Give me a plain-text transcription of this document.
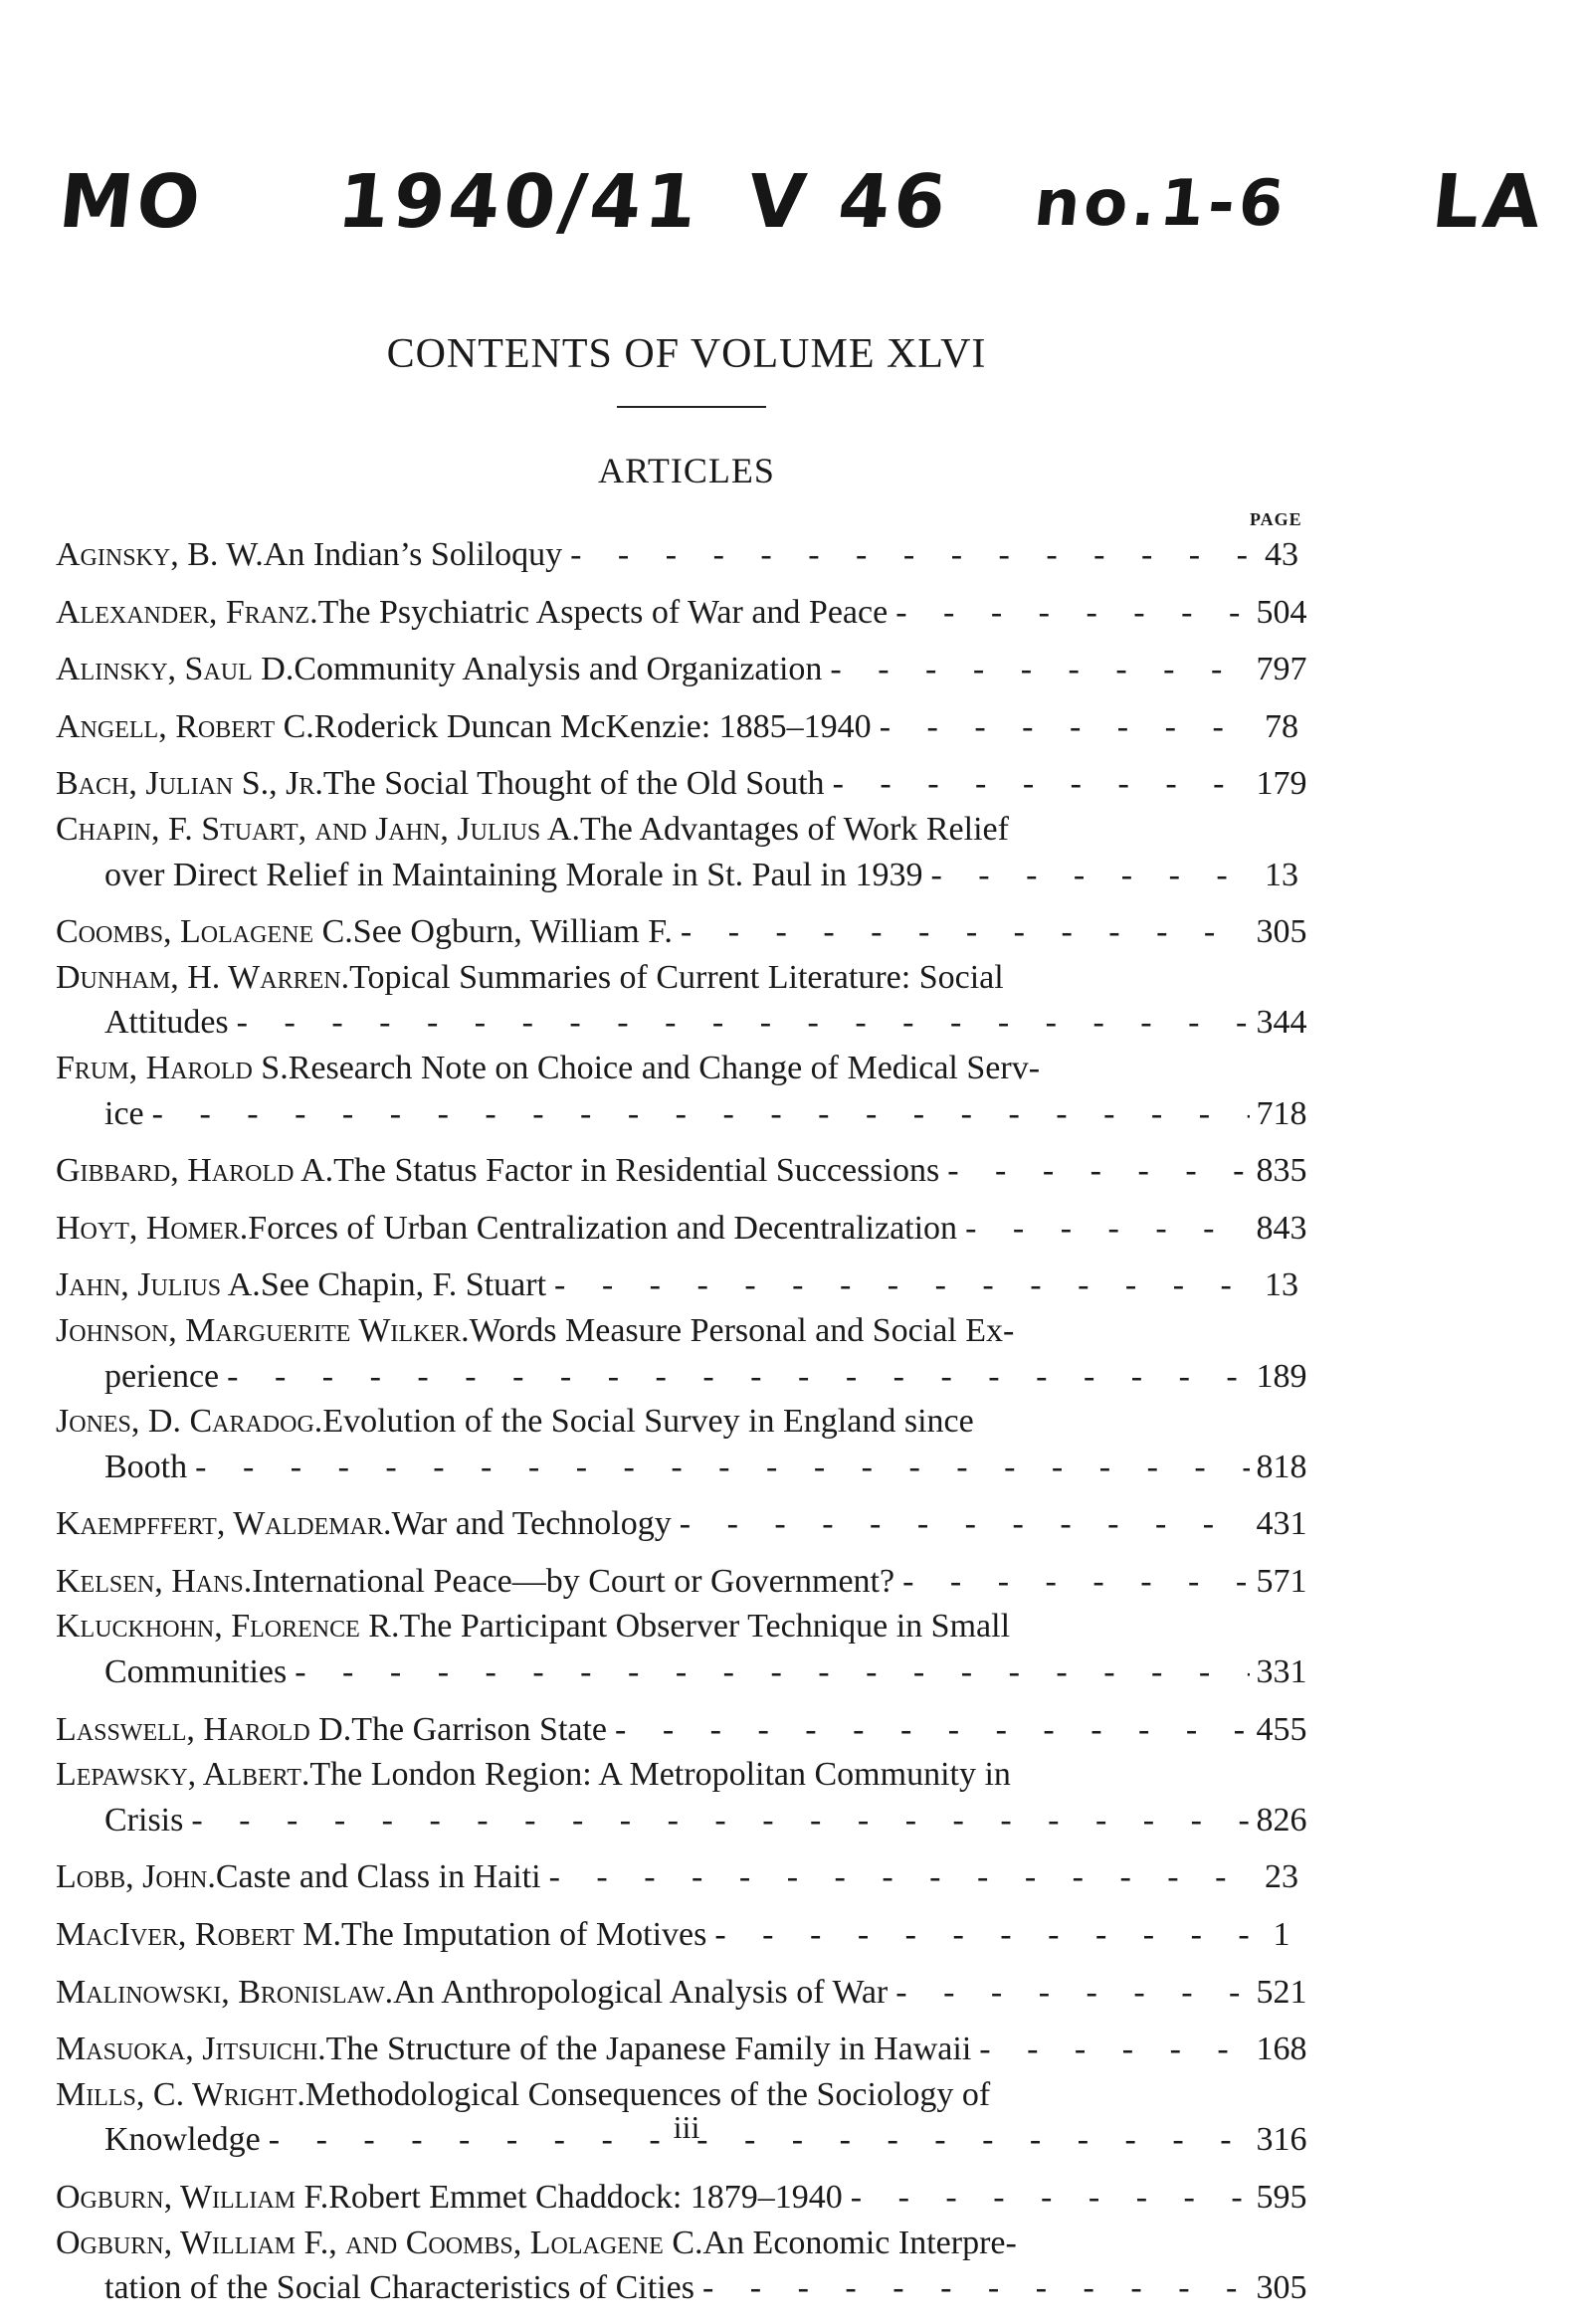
MO 1940/41 V 46 no.1-6 LA
CONTENTS OF VOLUME XLVI
ARTICLES
PAGE
Aginsky, B. W. An Indian’s Soliloquy - - -	43
Alexander, Franz. The Psychiatric Aspects of War and Peace - - -	504
Alinsky, Saul D. Community Analysis and Organization - - -	797
Angell, Robert C. Roderick Duncan McKenzie: 1885–1940 - - -	78
Bach, Julian S., Jr. The Social Thought of the Old South - - -	179
Chapin, F. Stuart, and Jahn, Julius A. The Advantages of Work Relief
over Direct Relief in Maintaining Morale in St. Paul in 1939 - - -	13
Coombs, Lolagene C. See Ogburn, William F. - - -	305
Dunham, H. Warren. Topical Summaries of Current Literature: Social
Attitudes - - -	344
Frum, Harold S. Research Note on Choice and Change of Medical Serv-
ice - - -	718
Gibbard, Harold A. The Status Factor in Residential Successions - - -	835
Hoyt, Homer. Forces of Urban Centralization and Decentralization - - -	843
Jahn, Julius A. See Chapin, F. Stuart - - -	13
Johnson, Marguerite Wilker. Words Measure Personal and Social Ex-
perience - - -	189
Jones, D. Caradog. Evolution of the Social Survey in England since
Booth - - -	818
Kaempffert, Waldemar. War and Technology - - -	431
Kelsen, Hans. International Peace—by Court or Government? - - -	571
Kluckhohn, Florence R. The Participant Observer Technique in Small
Communities - - -	331
Lasswell, Harold D. The Garrison State - - -	455
Lepawsky, Albert. The London Region: A Metropolitan Community in
Crisis - - -	826
Lobb, John. Caste and Class in Haiti - - -	23
MacIver, Robert M. The Imputation of Motives - - -	1
Malinowski, Bronislaw. An Anthropological Analysis of War - - -	521
Masuoka, Jitsuichi. The Structure of the Japanese Family in Hawaii - - -	168
Mills, C. Wright. Methodological Consequences of the Sociology of
Knowledge - - -	316
Ogburn, William F. Robert Emmet Chaddock: 1879–1940 - - -	595
Ogburn, William F., and Coombs, Lolagene C. An Economic Interpre-
tation of the Social Characteristics of Cities - - -	305
iii
